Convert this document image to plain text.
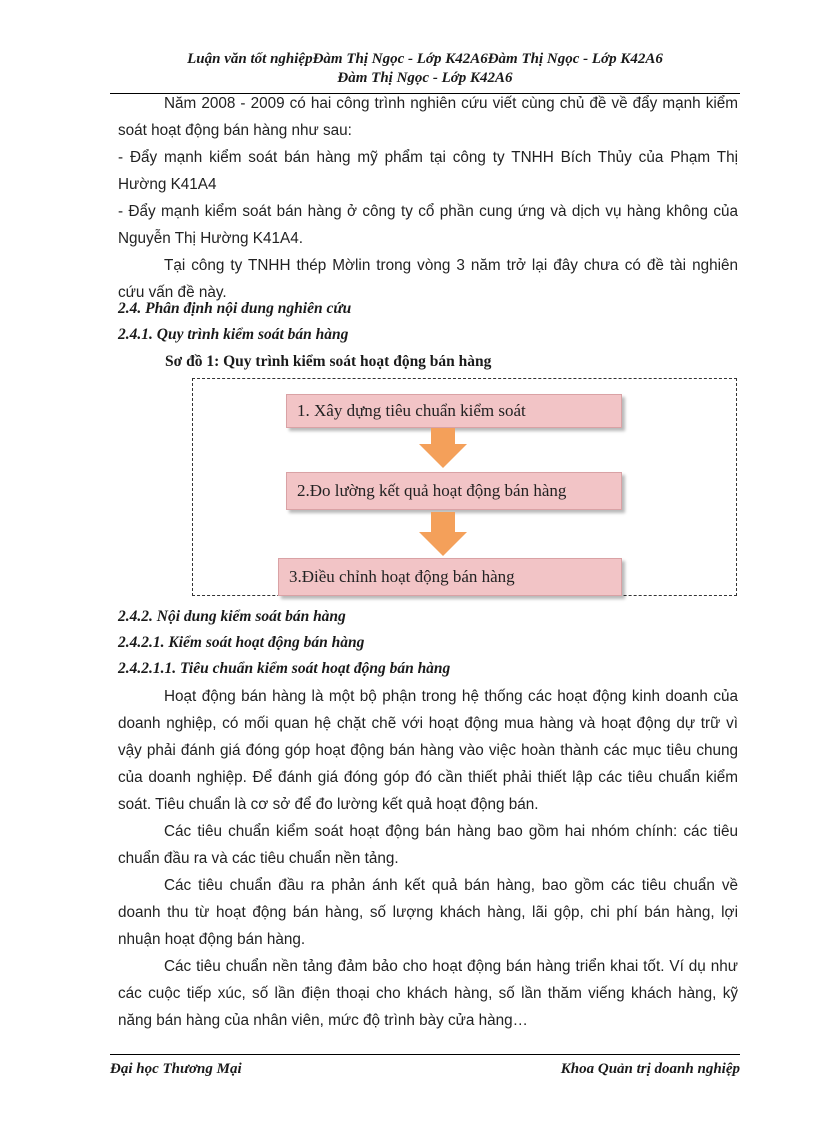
Luận văn tốt nghiệpĐàm Thị Ngọc - Lớp K42A6Đàm Thị Ngọc - Lớp K42A6
Đàm Thị Ngọc - Lớp K42A6

Năm 2008 - 2009 có hai công trình nghiên cứu viết cùng chủ đề về đẩy mạnh kiểm soát hoạt động bán hàng như sau:

- Đẩy mạnh kiểm soát bán hàng mỹ phẩm tại công ty TNHH Bích Thủy của Phạm Thị Hường K41A4

- Đẩy mạnh kiểm soát bán hàng ở công ty cổ phần cung ứng và dịch vụ hàng không của Nguyễn Thị Hường K41A4.

Tại công ty TNHH thép Mờlin trong vòng 3 năm trở lại đây chưa có đề tài nghiên cứu vấn đề này.

2.4. Phân định nội dung nghiên cứu
2.4.1. Quy trình kiểm soát bán hàng
Sơ đồ 1: Quy trình kiểm soát hoạt động bán hàng
1. Xây dựng tiêu chuẩn kiểm soát
2.Đo lường kết quả hoạt động bán hàng
3.Điều chỉnh hoạt động bán hàng
2.4.2. Nội dung kiểm soát bán hàng
2.4.2.1. Kiểm soát hoạt động bán hàng
2.4.2.1.1. Tiêu chuẩn kiểm soát hoạt động bán hàng

Hoạt động bán hàng là một bộ phận trong hệ thống các hoạt động kinh doanh của doanh nghiệp, có mối quan hệ chặt chẽ với hoạt động mua hàng và hoạt động dự trữ vì vậy phải đánh giá đóng góp hoạt động bán hàng vào việc hoàn thành các mục tiêu chung của doanh nghiệp. Để đánh giá đóng góp đó cần thiết phải thiết lập các tiêu chuẩn kiểm soát. Tiêu chuẩn là cơ sở để đo lường kết quả hoạt động bán.

Các tiêu chuẩn kiểm soát hoạt động bán hàng bao gồm hai nhóm chính: các tiêu chuẩn đầu ra và các tiêu chuẩn nền tảng.

Các tiêu chuẩn đầu ra phản ánh kết quả bán hàng, bao gồm các tiêu chuẩn về doanh thu từ hoạt động bán hàng, số lượng khách hàng, lãi gộp, chi phí bán hàng, lợi nhuận hoạt động bán hàng.

Các tiêu chuẩn nền tảng đảm bảo cho hoạt động bán hàng triển khai tốt. Ví dụ như các cuộc tiếp xúc, số lần điện thoại cho khách hàng, số lần thăm viếng khách hàng, kỹ năng bán hàng của nhân viên, mức độ trình bày cửa hàng…

Đại học Thương Mại	Khoa Quản trị doanh nghiệp
